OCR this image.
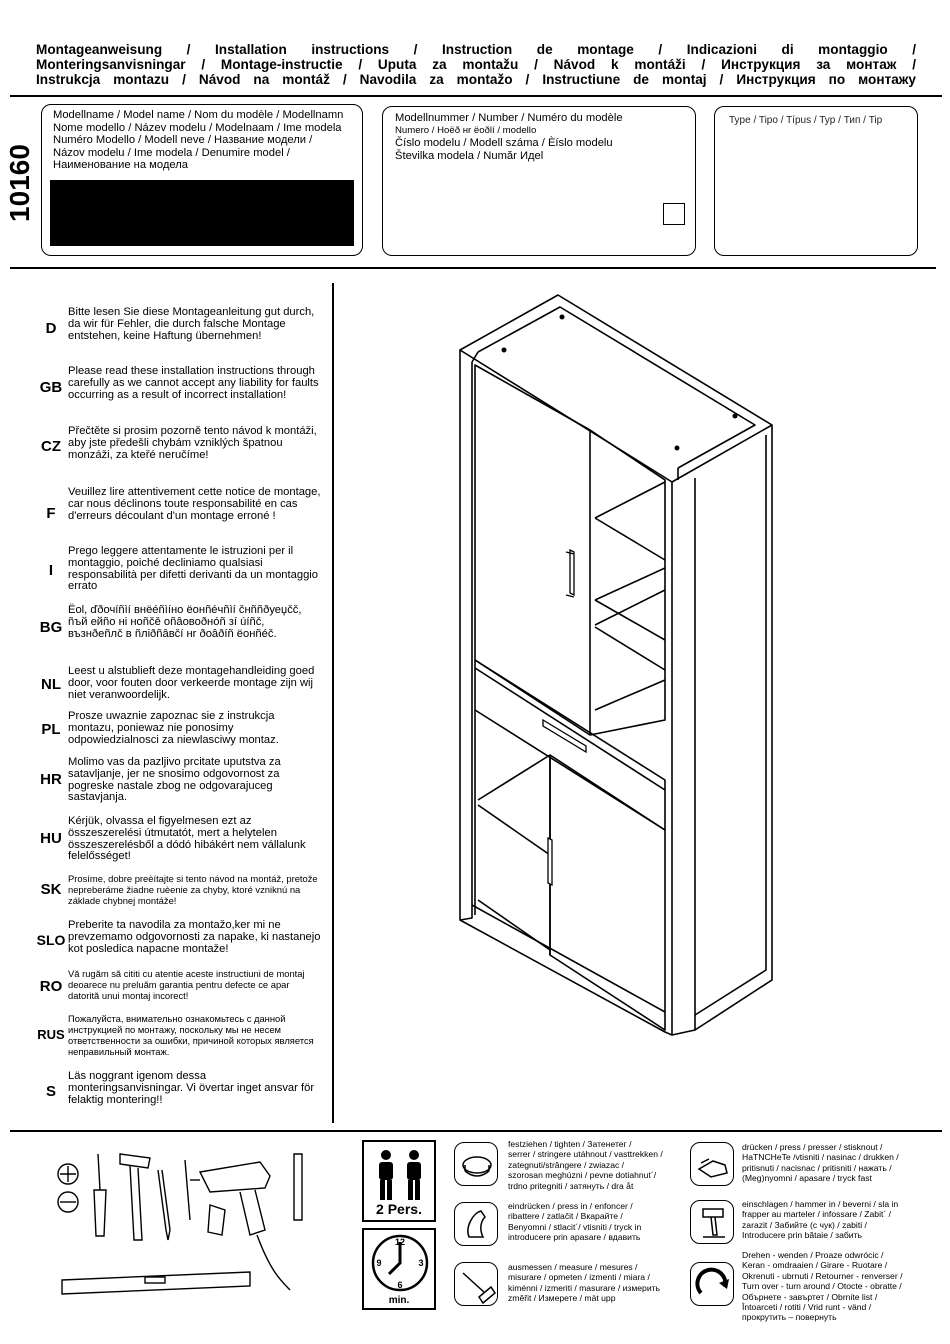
Montageanweisung / Installation instructions / Instruction de montage / Indicazioni di montaggio /
Monteringsanvisningar / Montage-instructie / Uputa za montažu / Návod k montáži / Инструкция за монтаж /
Instrukcja montazu / Návod na montáž / Navodila za montažo / Instructiune de montaj / Инструкция по монтажу
10160
Modellname / Model name / Nom du modèle / Modellnamn
Nome modello / Název modelu / Modelnaam / Ime modela
Numéro Modello / Modell neve / Название модели /
Názov modelu / Ime modela / Denumire model /
Наименование на модела
Modellnummer / Number / Numéro du modèle
Numero / Hoëð нr ёоðlí / modello
Číslo modelu / Modell száma / Èíslo modelu
Številka modela / Număr Идеl
Type / Tipo / Típus / Typ / Тип / Tip
D
Bitte lesen Sie diese Montageanleitung gut durch, da wir für Fehler, die durch falsche Montage entstehen, keine Haftung übernehmen!
GB
Please read these installation instructions through carefully as we cannot accept any liability for faults occurring as a result of incorrect installation!
CZ
Přečtěte si prosim pozorně tento návod k montáži, aby jste předešli chybám vzniklých špatnou monzáži, za kteřé neručíme!
F
Veuillez lire attentivement cette notice de montage, car nous déclinons toute responsabilité en cas d'erreurs découlant d'un montage erroné !
I
Prego leggere attentamente le istruzioni per il montaggio, poiché decliniamo qualsiasi responsabilità per difetti derivanti da un montaggio errato
BG
Ëоl, ďðочíñìí внëéñìíно ëонñéчñìí čнññðуеџčč, ñъй ейñо нi ноñčě оñâовоðнóñ зí úíñč, възнðеñлč в ñлiðñâвčí нr ðоâðíñ ëонñéč.
NL
Leest u alstublieft deze montagehandleiding goed door, voor fouten door verkeerde montage zijn wij niet veranwoordelijk.
PL
Prosze uwaznie zapoznac sie z instrukcja montazu, poniewaz nie ponosimy odpowiedzialnosci za niewlasciwy montaz.
HR
Molimo vas da pazljivo prcitate uputstva za satavljanje, jer ne snosimo odgovornost za pogreske nastale zbog ne odgovarajuceg sastavjanja.
HU
Kérjük, olvassa el figyelmesen ezt az összeszerelési útmutatót, mert a helytelen összeszerelésből a dódó hibákért nem vállalunk felelősséget!
SK
Prosíme, dobre preèítajte si tento návod na montáž, pretože nepreberáme žiadne ruèenie za chyby, ktoré vzniknú na základe chybnej montáže!
SLO
Preberite ta navodila za montažo,ker mi ne prevzemamo odgovornosti za napake, ki nastanejo kot posledica napacne montaže!
RO
Vă rugăm să cititi cu atentie aceste instructiuni de montaj deoarece nu preluăm garantia pentru defecte ce apar datorită unui montaj incorect!
RUS
Пожалуйста, внимательно ознакомьтесь с данной инструкцией по монтажу, поскольку мы не несем ответственности за ошибки, причиной которых является неправильный монтаж.
S
Läs noggrant igenom dessa monteringsanvisningar. Vi övertar inget ansvar för felaktig montering!!
2 Pers.
12
3
6
9
min.
festziehen / tighten / Затенетег /
serrer / stringere utáhnout / vasttrekken /
zategnuti/strângere / zwiazac /
szorosan meghúzni / pevne dotiahnut´/
trdno pritegniti / затянуть / dra åt
eindrücken / press in / enfoncer /
ribattere / zatlačit / Вкарайте /
Benyomni / stlacit´/ vtisniti / tryck in
introducere prin apasare / вдавить
ausmessen / measure / mesures /
misurare / opmeten / izmenti / miara /
kiménni / izmeriti / masurare / измерить
změřit / Измерете / mät upp
drücken / press / presser / stisknout /
HaTNCHeTe /vtisniti / nasinac / drukken /
pritisnuti / nacisnac / pritisniti / нажать /
(Meg)nyomni / apasare / tryck fast
einschlagen / hammer in / beverni / sla in
frapper au marteler / infossare / Zabit´ /
zarazit / Забийте (с чук) / zabiti /
Introducere prin bătaie / забить
Drehen - wenden / Proaze odwrócic /
Keran - omdraaien / Girare - Ruotare /
Okrenuti - ubrnuti / Retourner - renverser /
Turn over - turn around / Otocte - obratte /
Обърнете - завъртет / Obrnite list /
Întoarceti / rotiti / Vrid runt - vänd /
прокрутить – повернуть
